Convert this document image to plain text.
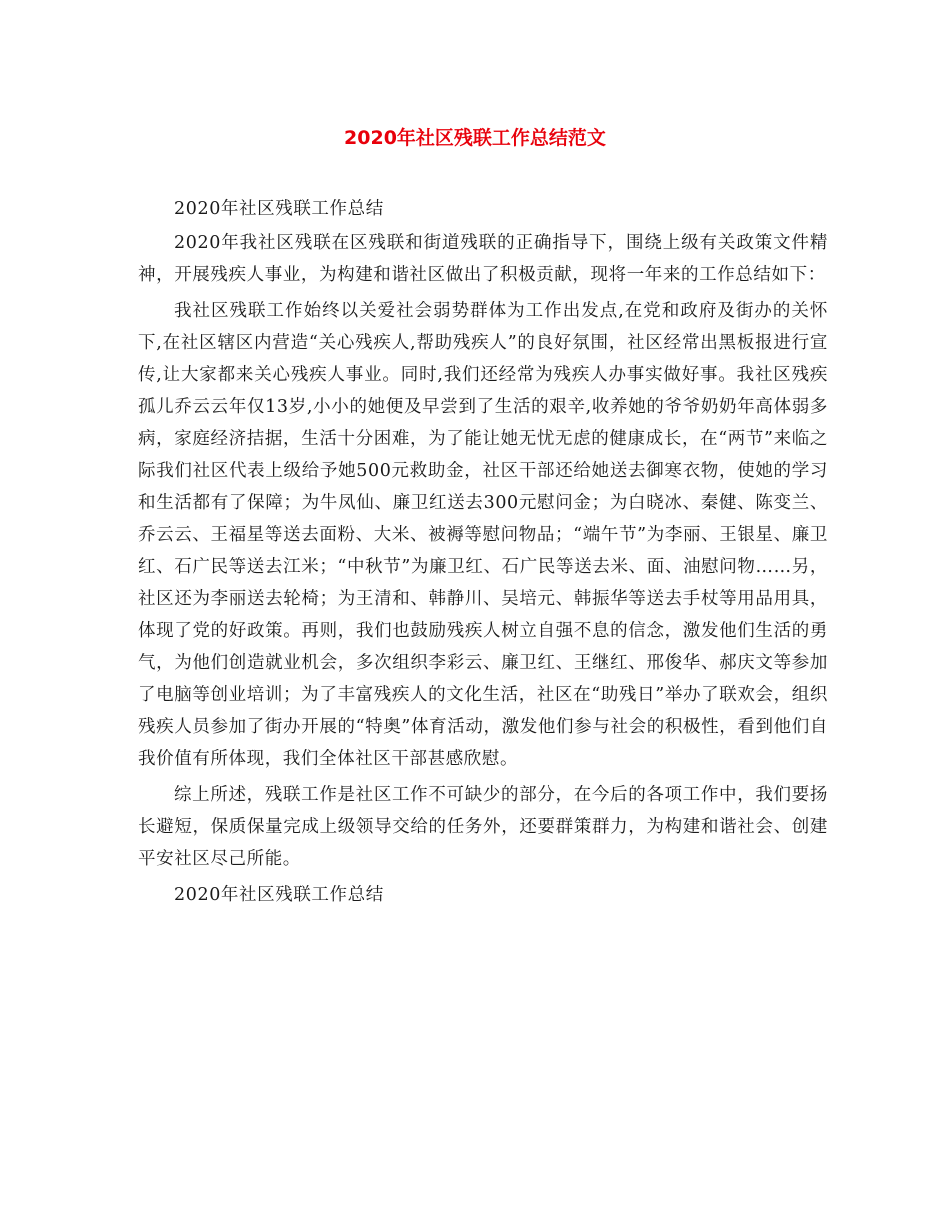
2020年社区残联工作总结范文

2020年社区残联工作总结

2020年我社区残联在区残联和街道残联的正确指导下，围绕上级有关政策文件精神，开展残疾人事业，为构建和谐社区做出了积极贡献，现将一年来的工作总结如下：

我社区残联工作始终以关爱社会弱势群体为工作出发点,在党和政府及街办的关怀下,在社区辖区内营造“关心残疾人,帮助残疾人”的良好氛围，社区经常出黑板报进行宣传,让大家都来关心残疾人事业。同时,我们还经常为残疾人办事实做好事。我社区残疾孤儿乔云云年仅13岁,小小的她便及早尝到了生活的艰辛,收养她的爷爷奶奶年高体弱多病，家庭经济拮据，生活十分困难，为了能让她无忧无虑的健康成长，在“两节”来临之际我们社区代表上级给予她500元救助金，社区干部还给她送去御寒衣物，使她的学习和生活都有了保障；为牛凤仙、廉卫红送去300元慰问金；为白晓冰、秦健、陈变兰、乔云云、王福星等送去面粉、大米、被褥等慰问物品；“端午节”为李丽、王银星、廉卫红、石广民等送去江米；“中秋节”为廉卫红、石广民等送去米、面、油慰问物……另，社区还为李丽送去轮椅；为王清和、韩静川、吴培元、韩振华等送去手杖等用品用具，体现了党的好政策。再则，我们也鼓励残疾人树立自强不息的信念，激发他们生活的勇气，为他们创造就业机会，多次组织李彩云、廉卫红、王继红、邢俊华、郝庆文等参加了电脑等创业培训；为了丰富残疾人的文化生活，社区在“助残日”举办了联欢会，组织残疾人员参加了街办开展的“特奥”体育活动，激发他们参与社会的积极性，看到他们自我价值有所体现，我们全体社区干部甚感欣慰。

综上所述，残联工作是社区工作不可缺少的部分，在今后的各项工作中，我们要扬长避短，保质保量完成上级领导交给的任务外，还要群策群力，为构建和谐社会、创建平安社区尽己所能。

2020年社区残联工作总结
